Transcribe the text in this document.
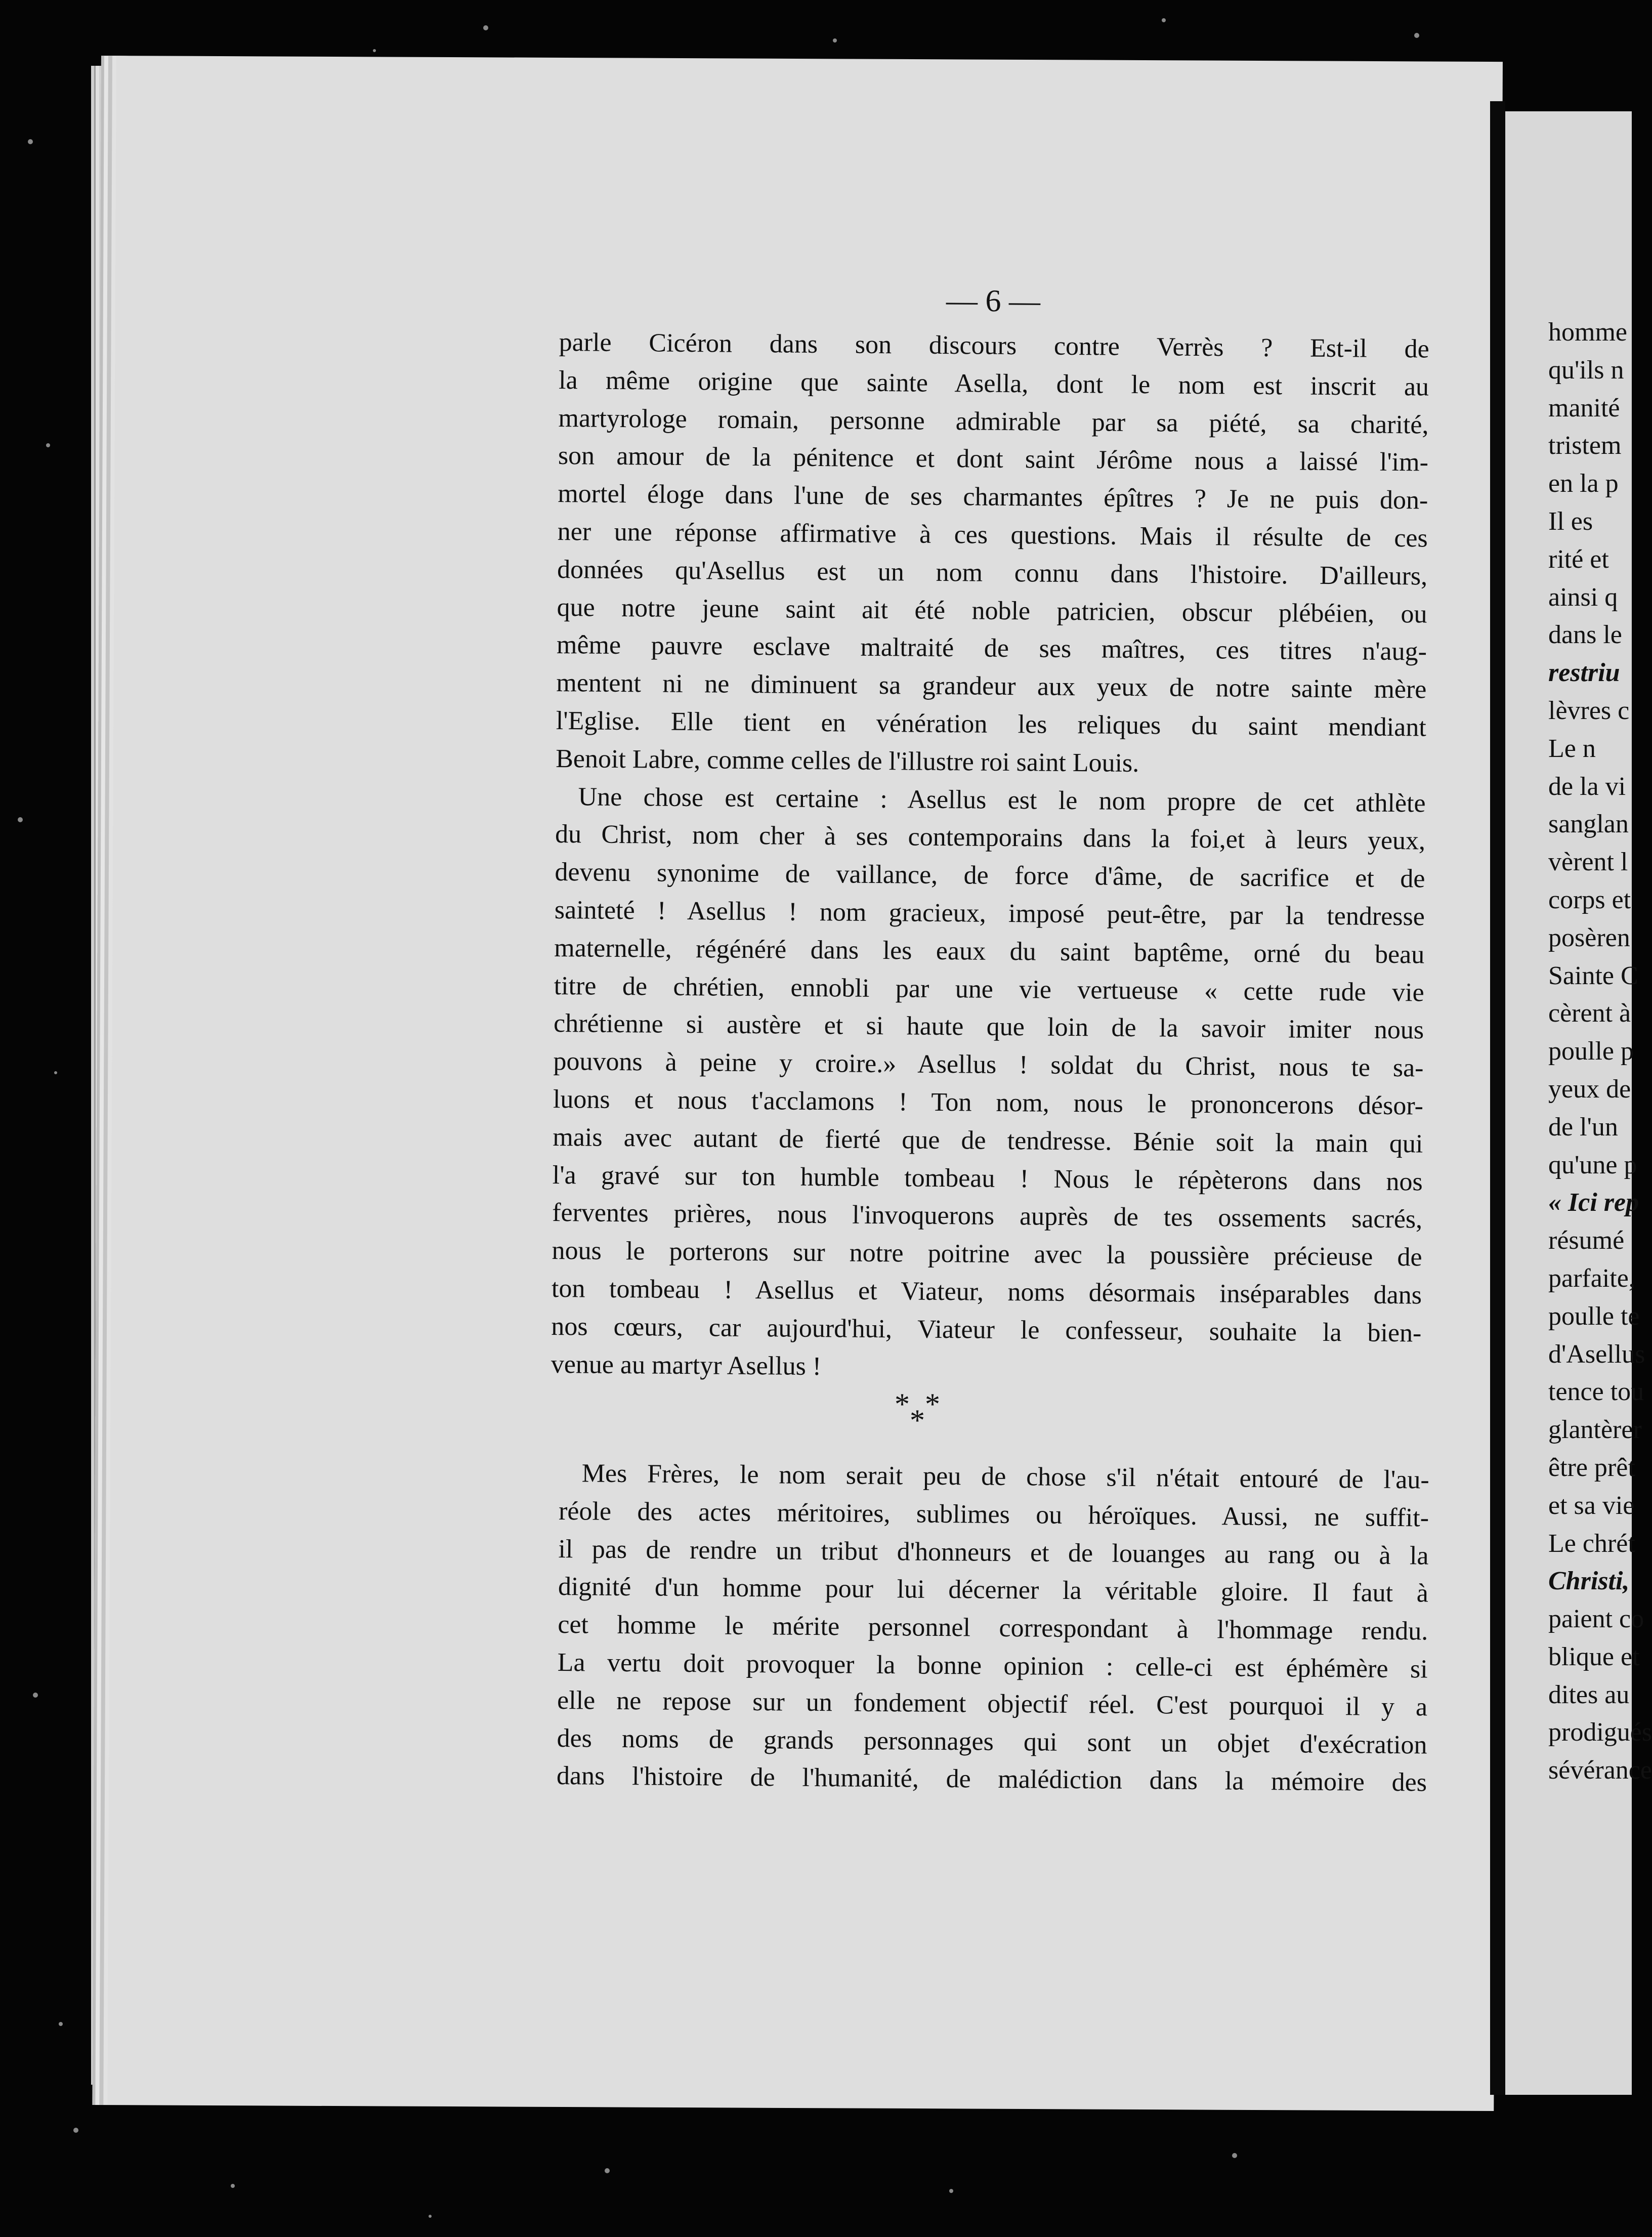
— 6 —
parle Cicéron dans son discours contre Verrès ? Est-il de
la même origine que sainte Asella, dont le nom est inscrit au
martyrologe romain, personne admirable par sa piété, sa charité,
son amour de la pénitence et dont saint Jérôme nous a laissé l'im-
mortel éloge dans l'une de ses charmantes épîtres ? Je ne puis don-
ner une réponse affirmative à ces questions. Mais il résulte de ces
données qu'Asellus est un nom connu dans l'histoire. D'ailleurs,
que notre jeune saint ait été noble patricien, obscur plébéien, ou
même pauvre esclave maltraité de ses maîtres, ces titres n'aug-
mentent ni ne diminuent sa grandeur aux yeux de notre sainte mère
l'Eglise. Elle tient en vénération les reliques du saint mendiant
Benoit Labre, comme celles de l'illustre roi saint Louis.
Une chose est certaine : Asellus est le nom propre de cet athlète
du Christ, nom cher à ses contemporains dans la foi,et à leurs yeux,
devenu synonime de vaillance, de force d'âme, de sacrifice et de
sainteté ! Asellus ! nom gracieux, imposé peut-être, par la tendresse
maternelle, régénéré dans les eaux du saint baptême, orné du beau
titre de chrétien, ennobli par une vie vertueuse « cette rude vie
chrétienne si austère et si haute que loin de la savoir imiter nous
pouvons à peine y croire.» Asellus ! soldat du Christ, nous te sa-
luons et nous t'acclamons ! Ton nom, nous le prononcerons désor-
mais avec autant de fierté que de tendresse. Bénie soit la main qui
l'a gravé sur ton humble tombeau ! Nous le répèterons dans nos
ferventes prières, nous l'invoquerons auprès de tes ossements sacrés,
nous le porterons sur notre poitrine avec la poussière précieuse de
ton tombeau ! Asellus et Viateur, noms désormais inséparables dans
nos cœurs, car aujourd'hui, Viateur le confesseur, souhaite la bien-
venue au martyr Asellus !
* *
*
Mes Frères, le nom serait peu de chose s'il n'était entouré de l'au-
réole des actes méritoires, sublimes ou héroïques. Aussi, ne suffit-
il pas de rendre un tribut d'honneurs et de louanges au rang ou à la
dignité d'un homme pour lui décerner la véritable gloire. Il faut à
cet homme le mérite personnel correspondant à l'hommage rendu.
La vertu doit provoquer la bonne opinion : celle-ci est éphémère si
elle ne repose sur un fondement objectif réel. C'est pourquoi il y a
des noms de grands personnages qui sont un objet d'exécration
dans l'histoire de l'humanité, de malédiction dans la mémoire des
homme
qu'ils n
manité
tristem
en la p
Il es
rité et
ainsi q
dans le
restriu
lèvres c
Le n
de la vi
sanglan
vèrent l
corps et
posèren
Sainte C
cèrent à
poulle p
yeux de
de l'un
qu'une p
« Ici rep
résumé
parfaite,
poulle te
d'Asellus
tence tou
glantèrer
être prêt
et sa vie
Le chrét
Christi,
paient co
blique et
dites au
prodigués
sévérance
